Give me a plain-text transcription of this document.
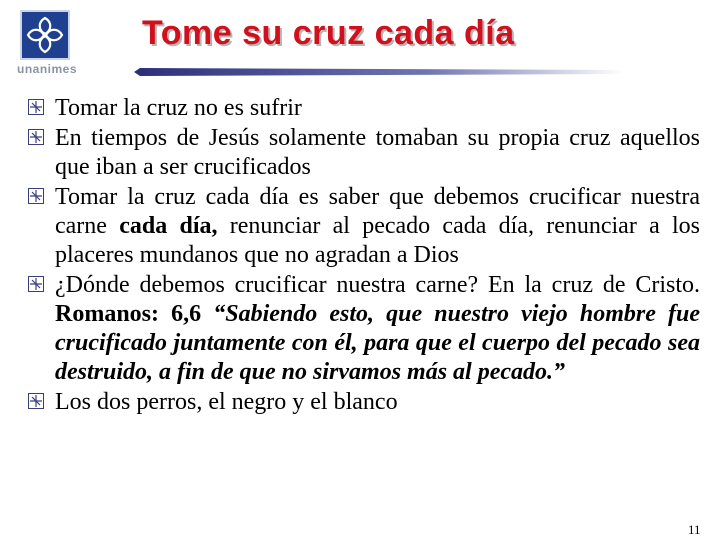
unanimes
Tome su cruz cada día
Tomar la cruz no es sufrir
En tiempos de Jesús solamente tomaban su propia cruz aquellos que iban a ser crucificados
Tomar la cruz cada día es saber que debemos crucificar nuestra carne cada día, renunciar al pecado cada día, renunciar a los placeres mundanos que no agradan a Dios
¿Dónde debemos crucificar nuestra carne? En la cruz de Cristo. Romanos: 6,6 “Sabiendo esto, que nuestro viejo hombre fue crucificado juntamente con él, para que el cuerpo del pecado sea destruido, a fin de que no sirvamos más al pecado.”
Los dos perros, el negro y el blanco
11
